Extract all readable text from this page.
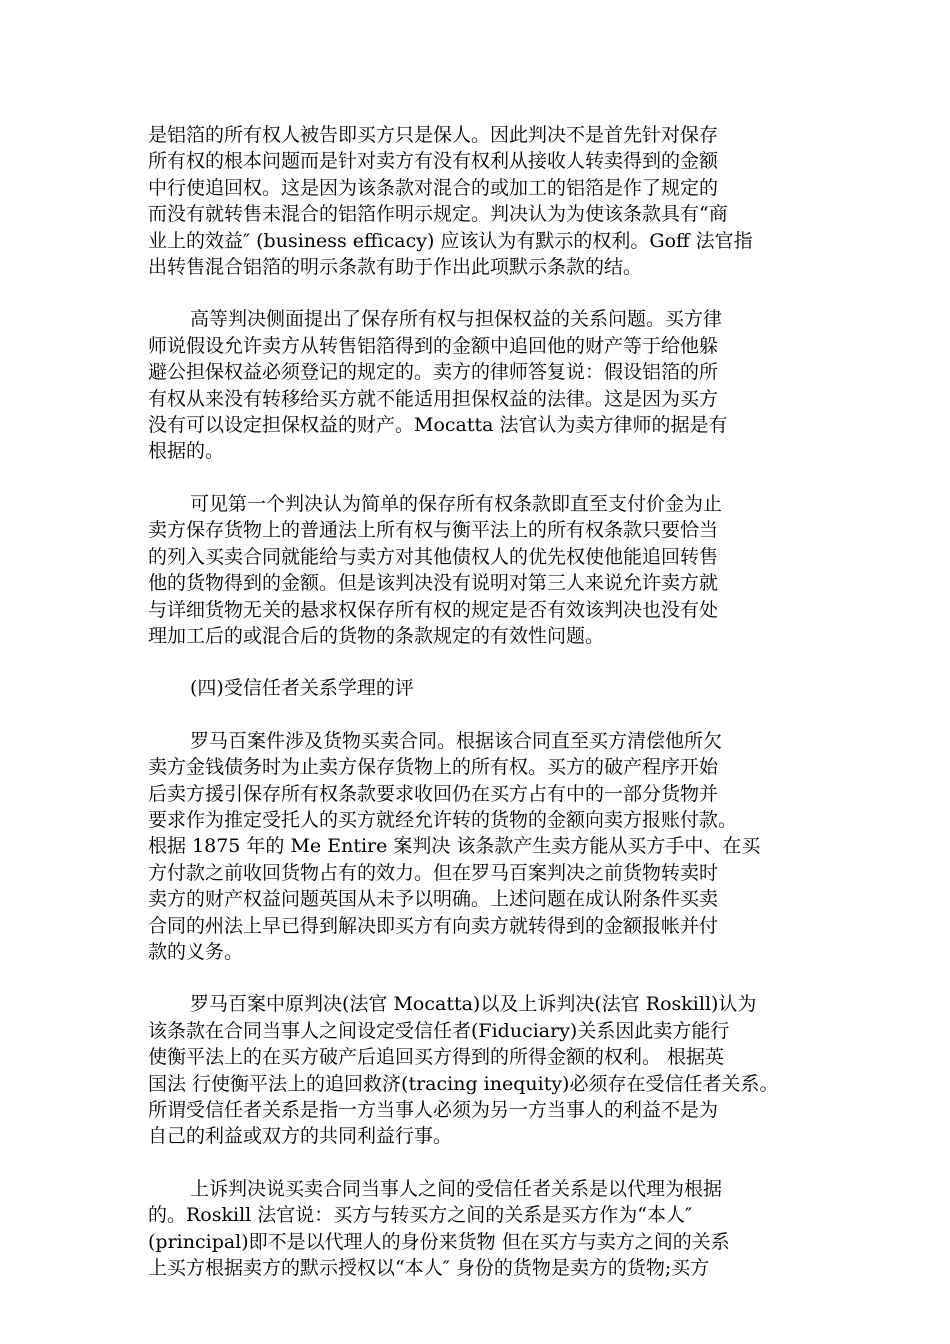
是铝箔的所有权人被告即买方只是保人。因此判决不是首先针对保存
所有权的根本问题而是针对卖方有没有权利从接收人转卖得到的金额
中行使追回权。这是因为该条款对混合的或加工的铝箔是作了规定的
而没有就转售未混合的铝箔作明示规定。判决认为为使该条款具有“商
业上的效益″ (business efficacy) 应该认为有默示的权利。Goff 法官指
出转售混合铝箔的明示条款有助于作出此项默示条款的结。
高等判决侧面提出了保存所有权与担保权益的关系问题。买方律
师说假设允许卖方从转售铝箔得到的金额中追回他的财产等于给他躲
避公担保权益必须登记的规定的。卖方的律师答复说：假设铝箔的所
有权从来没有转移给买方就不能适用担保权益的法律。这是因为买方
没有可以设定担保权益的财产。Mocatta 法官认为卖方律师的据是有
根据的。
可见第一个判决认为简单的保存所有权条款即直至支付价金为止
卖方保存货物上的普通法上所有权与衡平法上的所有权条款只要恰当
的列入买卖合同就能给与卖方对其他债权人的优先权使他能追回转售
他的货物得到的金额。但是该判决没有说明对第三人来说允许卖方就
与详细货物无关的悬求权保存所有权的规定是否有效该判决也没有处
理加工后的或混合后的货物的条款规定的有效性问题。
(四)受信任者关系学理的评
罗马百案件涉及货物买卖合同。根据该合同直至买方清偿他所欠
卖方金钱债务时为止卖方保存货物上的所有权。买方的破产程序开始
后卖方援引保存所有权条款要求收回仍在买方占有中的一部分货物并
要求作为推定受托人的买方就经允许转的货物的金额向卖方报账付款。
根据 1875 年的 Me Entire 案判决 该条款产生卖方能从买方手中、在买
方付款之前收回货物占有的效力。但在罗马百案判决之前货物转卖时
卖方的财产权益问题英国从未予以明确。上述问题在成认附条件买卖
合同的州法上早已得到解决即买方有向卖方就转得到的金额报帐并付
款的义务。
罗马百案中原判决(法官 Mocatta)以及上诉判决(法官 Roskill)认为
该条款在合同当事人之间设定受信任者(Fiduciary)关系因此卖方能行
使衡平法上的在买方破产后追回买方得到的所得金额的权利。 根据英
国法 行使衡平法上的追回救济(tracing inequity)必须存在受信任者关系。
所谓受信任者关系是指一方当事人必须为另一方当事人的利益不是为
自己的利益或双方的共同利益行事。
上诉判决说买卖合同当事人之间的受信任者关系是以代理为根据
的。Roskill 法官说：买方与转买方之间的关系是买方作为“本人″
(principal)即不是以代理人的身份来货物 但在买方与卖方之间的关系
上买方根据卖方的默示授权以“本人″ 身份的货物是卖方的货物;买方
